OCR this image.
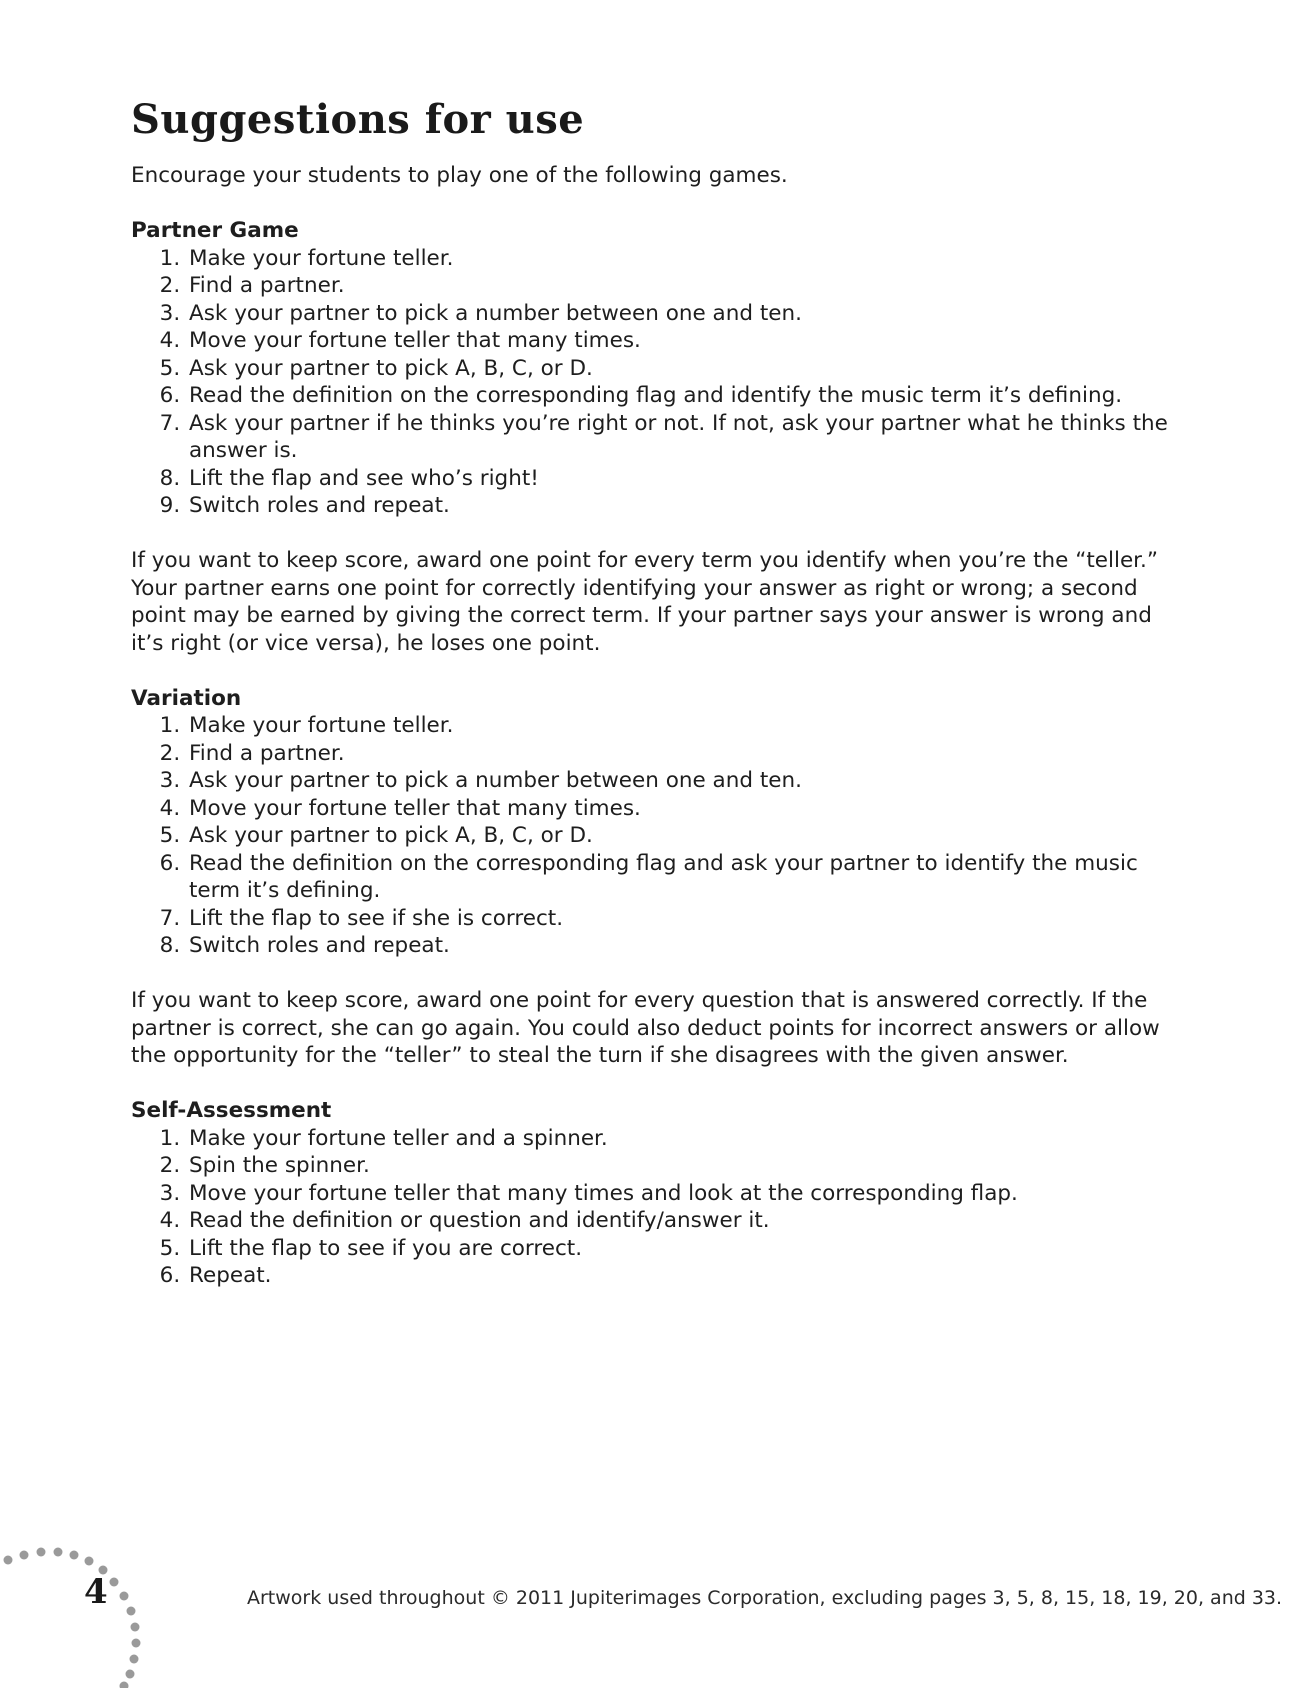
Suggestions for use

Encourage your students to play one of the following games.

Partner Game

1. Make your fortune teller.
2. Find a partner.
3. Ask your partner to pick a number between one and ten.
4. Move your fortune teller that many times.
5. Ask your partner to pick A, B, C, or D.
6. Read the definition on the corresponding flag and identify the music term it’s defining.
7. Ask your partner if he thinks you’re right or not. If not, ask your partner what he thinks the answer is.
8. Lift the flap and see who’s right!
9. Switch roles and repeat.

If you want to keep score, award one point for every term you identify when you’re the “teller.” Your partner earns one point for correctly identifying your answer as right or wrong; a second point may be earned by giving the correct term. If your partner says your answer is wrong and it’s right (or vice versa), he loses one point.

Variation

1. Make your fortune teller.
2. Find a partner.
3. Ask your partner to pick a number between one and ten.
4. Move your fortune teller that many times.
5. Ask your partner to pick A, B, C, or D.
6. Read the definition on the corresponding flag and ask your partner to identify the music term it’s defining.
7. Lift the flap to see if she is correct.
8. Switch roles and repeat.

If you want to keep score, award one point for every question that is answered correctly. If the partner is correct, she can go again. You could also deduct points for incorrect answers or allow the opportunity for the “teller” to steal the turn if she disagrees with the given answer.

Self-Assessment

1. Make your fortune teller and a spinner.
2. Spin the spinner.
3. Move your fortune teller that many times and look at the corresponding flap.
4. Read the definition or question and identify/answer it.
5. Lift the flap to see if you are correct.
6. Repeat.
4	Artwork used throughout © 2011 Jupiterimages Corporation, excluding pages 3, 5, 8, 15, 18, 19, 20, and 33.
